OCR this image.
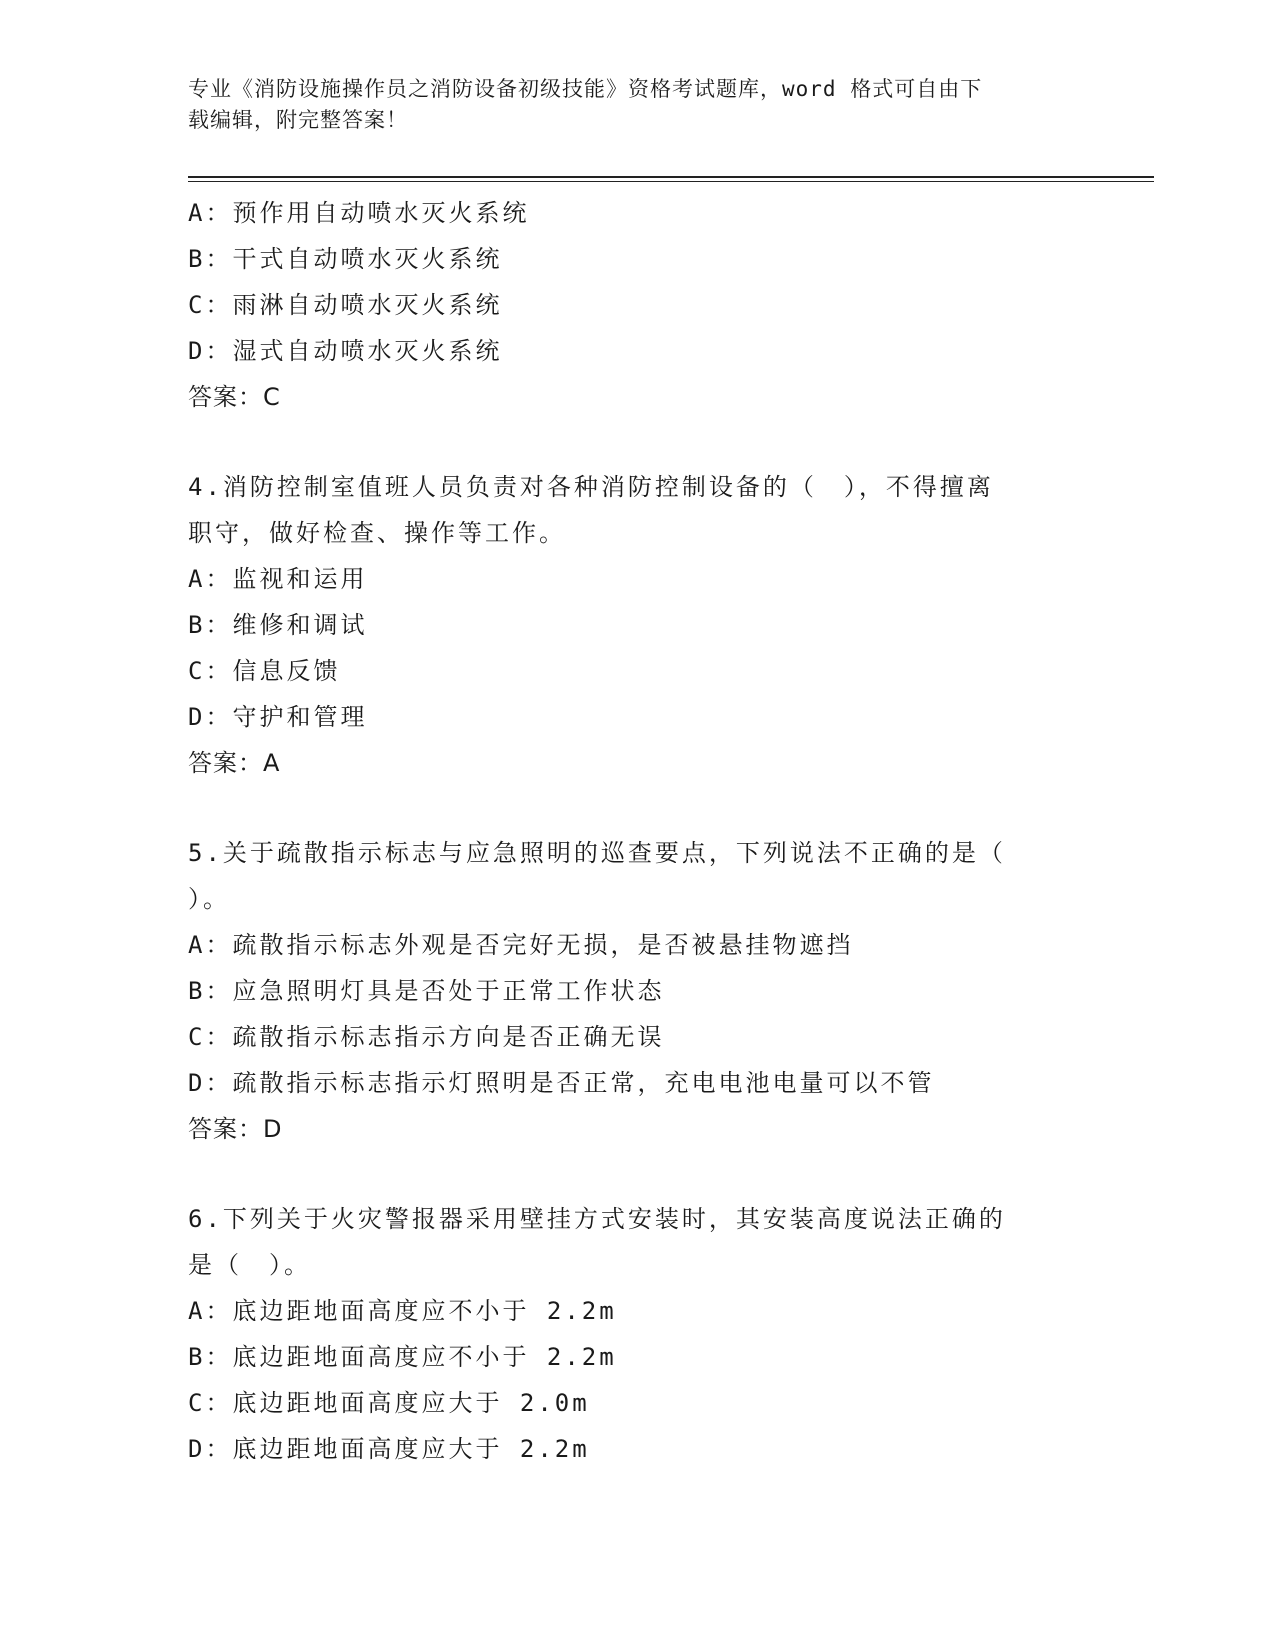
专业《消防设施操作员之消防设备初级技能》资格考试题库，word 格式可自由下
载编辑，附完整答案！
A：预作用自动喷水灭火系统
B：干式自动喷水灭火系统
C：雨淋自动喷水灭火系统
D：湿式自动喷水灭火系统
答案：C
4.消防控制室值班人员负责对各种消防控制设备的（　），不得擅离
职守，做好检查、操作等工作。
A：监视和运用
B：维修和调试
C：信息反馈
D：守护和管理
答案：A
5.关于疏散指示标志与应急照明的巡查要点，下列说法不正确的是（
）。
A：疏散指示标志外观是否完好无损，是否被悬挂物遮挡
B：应急照明灯具是否处于正常工作状态
C：疏散指示标志指示方向是否正确无误
D：疏散指示标志指示灯照明是否正常，充电电池电量可以不管
答案：D
6.下列关于火灾警报器采用壁挂方式安装时，其安装高度说法正确的
是（　）。
A：底边距地面高度应不小于 2.2m
B：底边距地面高度应不小于 2.2m
C：底边距地面高度应大于 2.0m
D：底边距地面高度应大于 2.2m
